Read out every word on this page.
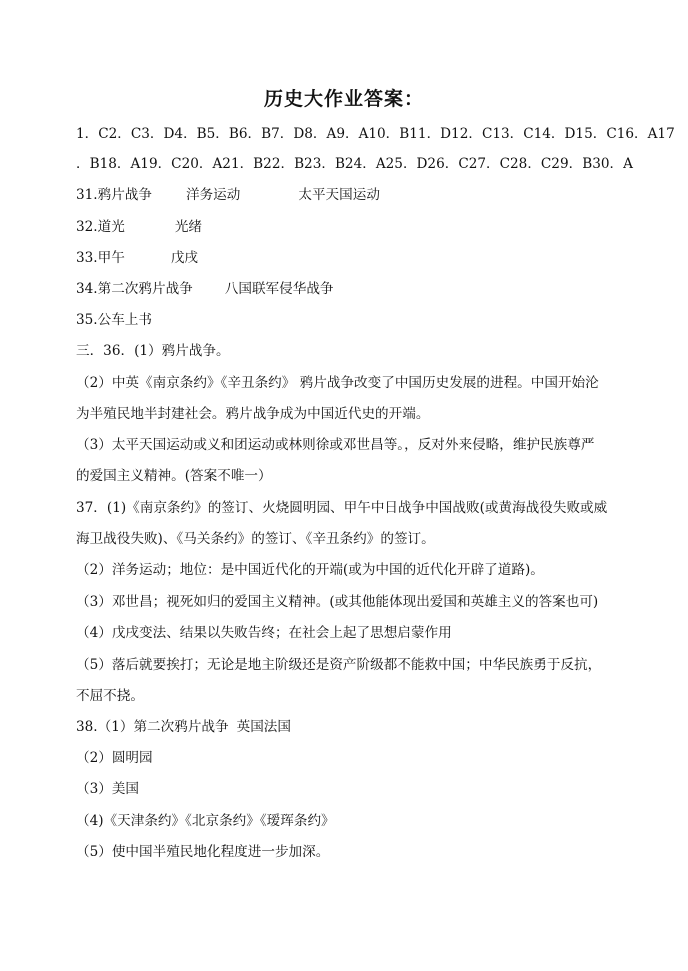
历史大作业答案：

1．C2．C3．D4．B5．B6．B7．D8．A9．A10．B11．D12．C13．C14．D15．C16．A17

．B18．A19．C20．A21．B22．B23．B24．A25．D26．C27．C28．C29．B30．A

31.鸦片战争	洋务运动	太平天国运动

32.道光	光绪

33.甲午	戊戌

34.第二次鸦片战争 八国联军侵华战争

35.公车上书

三．36．(1）鸦片战争。

（2）中英《南京条约》《辛丑条约》 鸦片战争改变了中国历史发展的进程。中国开始沦

为半殖民地半封建社会。鸦片战争成为中国近代史的开端。

（3）太平天国运动或义和团运动或林则徐或邓世昌等。，反对外来侵略，维护民族尊严

的爱国主义精神。(答案不唯一）

37．(1)《南京条约》的签订、火烧圆明园、甲午中日战争中国战败(或黄海战役失败或威

海卫战役失败)、《马关条约》的签订、《辛丑条约》的签订。

（2）洋务运动；地位：是中国近代化的开端(或为中国的近代化开辟了道路)。

（3）邓世昌；视死如归的爱国主义精神。(或其他能体现出爱国和英雄主义的答案也可)

（4）戊戌变法、结果以失败告终；在社会上起了思想启蒙作用

（5）落后就要挨打；无论是地主阶级还是资产阶级都不能救中国；中华民族勇于反抗，

不屈不挠。

38.（1）第二次鸦片战争 英国法国

（2）圆明园

（3）美国

（4)《天津条约》《北京条约》《瑷珲条约》

（5）使中国半殖民地化程度进一步加深。
